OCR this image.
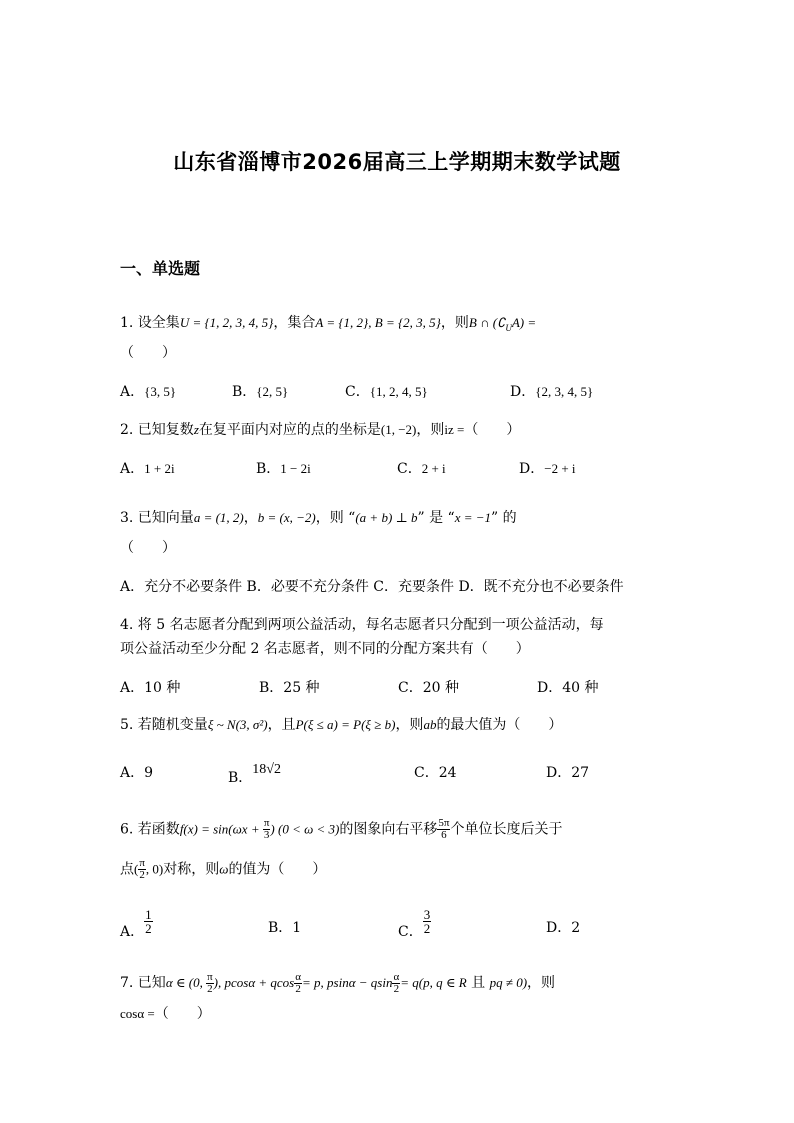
山东省淄博市2026届高三上学期期末数学试题
一、单选题
1. 设全集U = {1, 2, 3, 4, 5}，集合A = {1, 2}, B = {2, 3, 5}，则B ∩ $(∁_UA)$ =
（　　）
A．{3, 5}	B．{2, 5}	C．{1, 2, 4, 5}	D．{2, 3, 4, 5}
2. 已知复数z在复平面内对应的点的坐标是(1, −2)，则iz =（　　）
A．1 + 2i	B．1 − 2i	C．2 + i	D．−2 + i
3. 已知向量a = (1, 2)，b = (x, −2)，则 “(a + b) ⊥ b” 是 “x = −1” 的
（　　）
A．充分不必要条件 B．必要不充分条件 C．充要条件 D．既不充分也不必要条件
4. 将 5 名志愿者分配到两项公益活动，每名志愿者只分配到一项公益活动，每
项公益活动至少分配 2 名志愿者，则不同的分配方案共有（　　）
A．10 种	B．25 种	C．20 种	D．40 种
5. 若随机变量ξ ~ N(3, σ²)，且P(ξ ≤ a) = P(ξ ≥ b)，则ab的最大值为（　　）
A．9	B．18√2	C．24	D．27
6. 若函数$f(x) = \sin(\omega x + \frac{\pi}{3}$ ) (0 < ω < 3)的图象向右平移 $\frac{5\pi}{6}$ 个单位长度后关于
点( $\frac{\pi}{2}$ , 0)对称，则ω的值为（　　）
A． $\frac{1}{2}$	B．1	C． $\frac{3}{2}$	D．2
7. 已知α ∈ (0, $\frac{\pi}{2}$ ), pcosα + qcos $\frac{\alpha}{2} = p$, psinα − qsin $\frac{\alpha}{2} = q(p$, q ∈ R 且 pq ≠ 0)，则
cosα =（　　）
